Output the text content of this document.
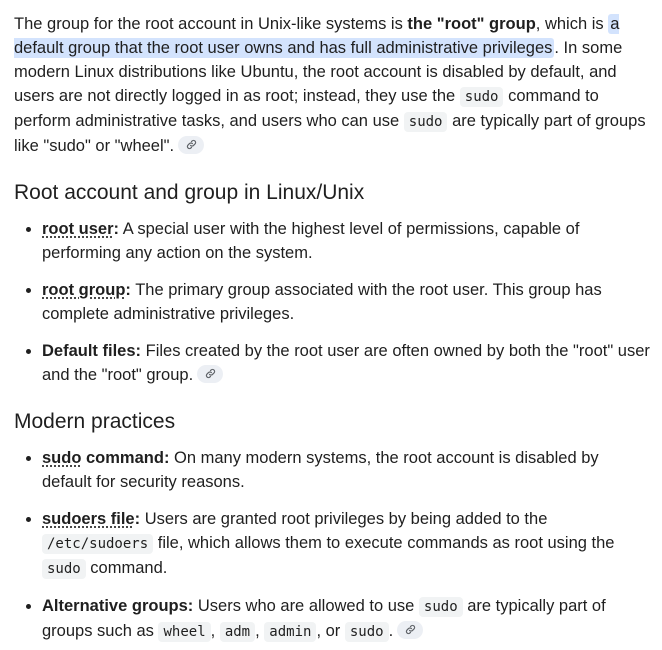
The group for the root account in Unix-like systems is the "root" group, which is a default group that the root user owns and has full administrative privileges . In some modern Linux distributions like Ubuntu, the root account is disabled by default, and users are not directly logged in as root; instead, they use the sudo command to perform administrative tasks, and users who can use sudo are typically part of groups like "sudo" or "wheel".

Root account and group in Linux/Unix
• root user: A special user with the highest level of permissions, capable of performing any action on the system.
• root group: The primary group associated with the root user. This group has complete administrative privileges.
• Default files: Files created by the root user are often owned by both the "root" user and the "root" group.
Modern practices
• sudo command: On many modern systems, the root account is disabled by default for security reasons.
• sudoers file: Users are granted root privileges by being added to the /etc/sudoers file, which allows them to execute commands as root using the sudo command.
• Alternative groups: Users who are allowed to use sudo are typically part of groups such as wheel , adm , admin , or sudo .
